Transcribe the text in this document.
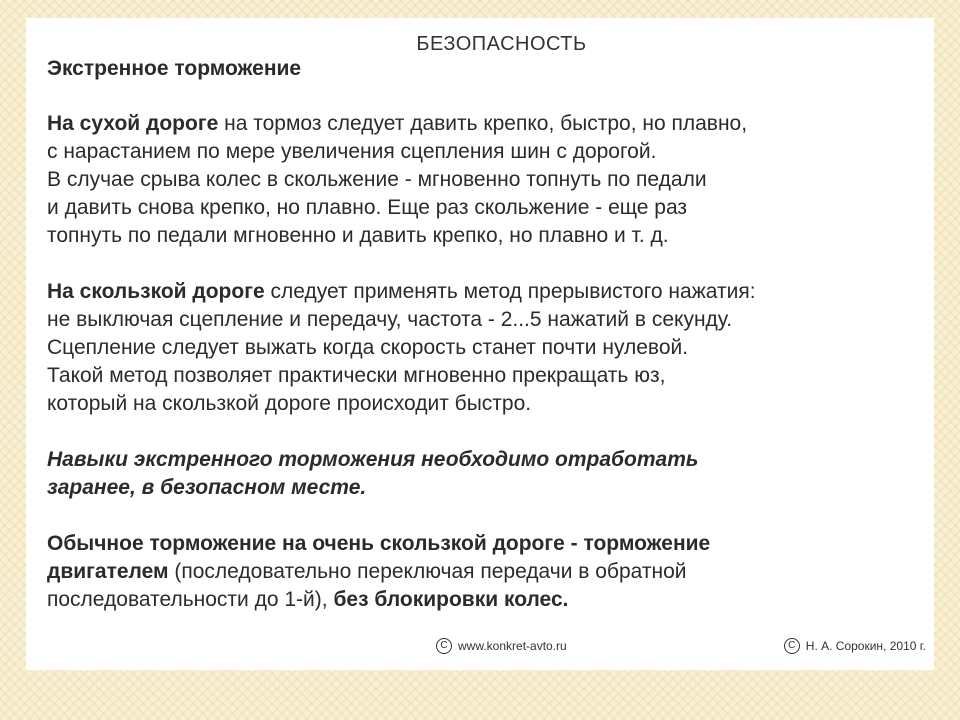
БЕЗОПАСНОСТЬ

Экстренное торможение

На сухой дороге на тормоз следует давить крепко, быстро, но плавно,
с нарастанием по мере увеличения сцепления шин с дорогой.
В случае срыва колес в скольжение - мгновенно топнуть по педали
и давить снова крепко, но плавно. Еще раз скольжение - еще раз
топнуть по педали мгновенно и давить крепко, но плавно и т. д.

На скользкой дороге следует применять метод прерывистого нажатия:
не выключая сцепление и передачу, частота - 2...5 нажатий в секунду.
Сцепление следует выжать когда скорость станет почти нулевой.
Такой метод позволяет практически мгновенно прекращать юз,
который на скользкой дороге происходит быстро.

Навыки экстренного торможения необходимо отработать
заранее, в безопасном месте.

Обычное торможение на очень скользкой дороге - торможение
двигателем (последовательно переключая передачи в обратной
последовательности до 1-й), без блокировки колес.

C www.konkret-avto.ru	C Н. А. Сорокин, 2010 г.
